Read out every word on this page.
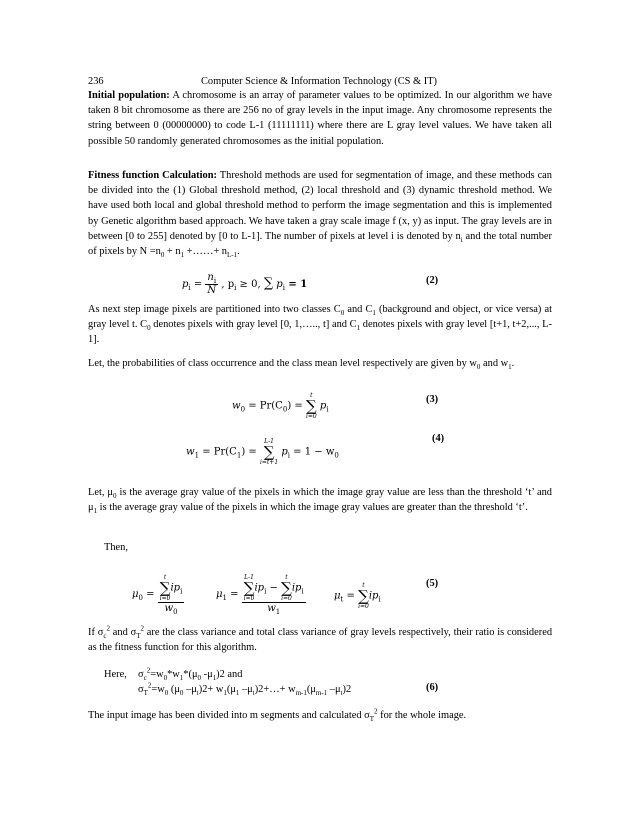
236	Computer Science & Information Technology (CS & IT)
Initial population: A chromosome is an array of parameter values to be optimized. In our algorithm we have taken 8 bit chromosome as there are 256 no of gray levels in the input image. Any chromosome represents the string between 0 (00000000) to code L-1 (11111111) where there are L gray level values. We have taken all possible 50 randomly generated chromosomes as the initial population.
Fitness function Calculation: Threshold methods are used for segmentation of image, and these methods can be divided into the (1) Global threshold method, (2) local threshold and (3) dynamic threshold method. We have used both local and global threshold method to perform the image segmentation and this is implemented by Genetic algorithm based approach. We have taken a gray scale image f (x, y) as input. The gray levels are in between [0 to 255] denoted by [0 to L-1]. The number of pixels at level i is denoted by $n_i$ and the total number of pixels by $N =n_0 + n_1$ +……+ $n_{L-1}$.
$p_i = \frac{n_i}{N}$ , $p_i \ge 0$, ∑ $p_i = 1$	(2)
As next step image pixels are partitioned into two classes $C_0$ and $C_1$ (background and object, or vice versa) at gray level t. $C_0$ denotes pixels with gray level [0, 1,….., t] and $C_1$ denotes pixels with gray level [t+1, t+2,..., L-1].
Let, the probabilities of class occurrence and the class mean level respectively are given by $w_0$ and $w_1$.
$w_0 = Pr(C_0)$ =
t
∑
i=0
$p_i$
(3)
$w_1 = Pr(C_1)$ =
L-1
∑
i=t+1
$p_i = 1 - w_0$
(4)
Let, $\mu_0$ is the average gray value of the pixels in which the image gray value are less than the threshold ‘t’ and $\mu_1$ is the average gray value of the pixels in which the image gray values are greater than the threshold ‘t’.
Then,
$\mu_0 = t$
∑
i=0
$ip_i$
$w_0$	$\mu_1 = L-1$
∑
i=0
$ip_i$ −
t
∑
i=0
$ip_i$
$w_1$	$\mu_t$ =
t
∑
i=0
$ip_i$
(5)
If $\sigma_c^2$ and $\sigma_T^2$ are the class variance and total class variance of gray levels respectively, their ratio is considered as the fitness function for this algorithm.
Here,	$\sigma_c^2=w_0*w_1*(\mu_0$ $-\mu_1)2$ and
$\sigma_T^2=w_0$ ($\mu_0$ $-\mu_t)2+ w_1(\mu_1$ $-\mu_t)2+\dots+ w_{m-1}(\mu_{m-1}$ $-\mu_t)2$	(6)
The input image has been divided into m segments and calculated $\sigma_T^2$ for the whole image.
